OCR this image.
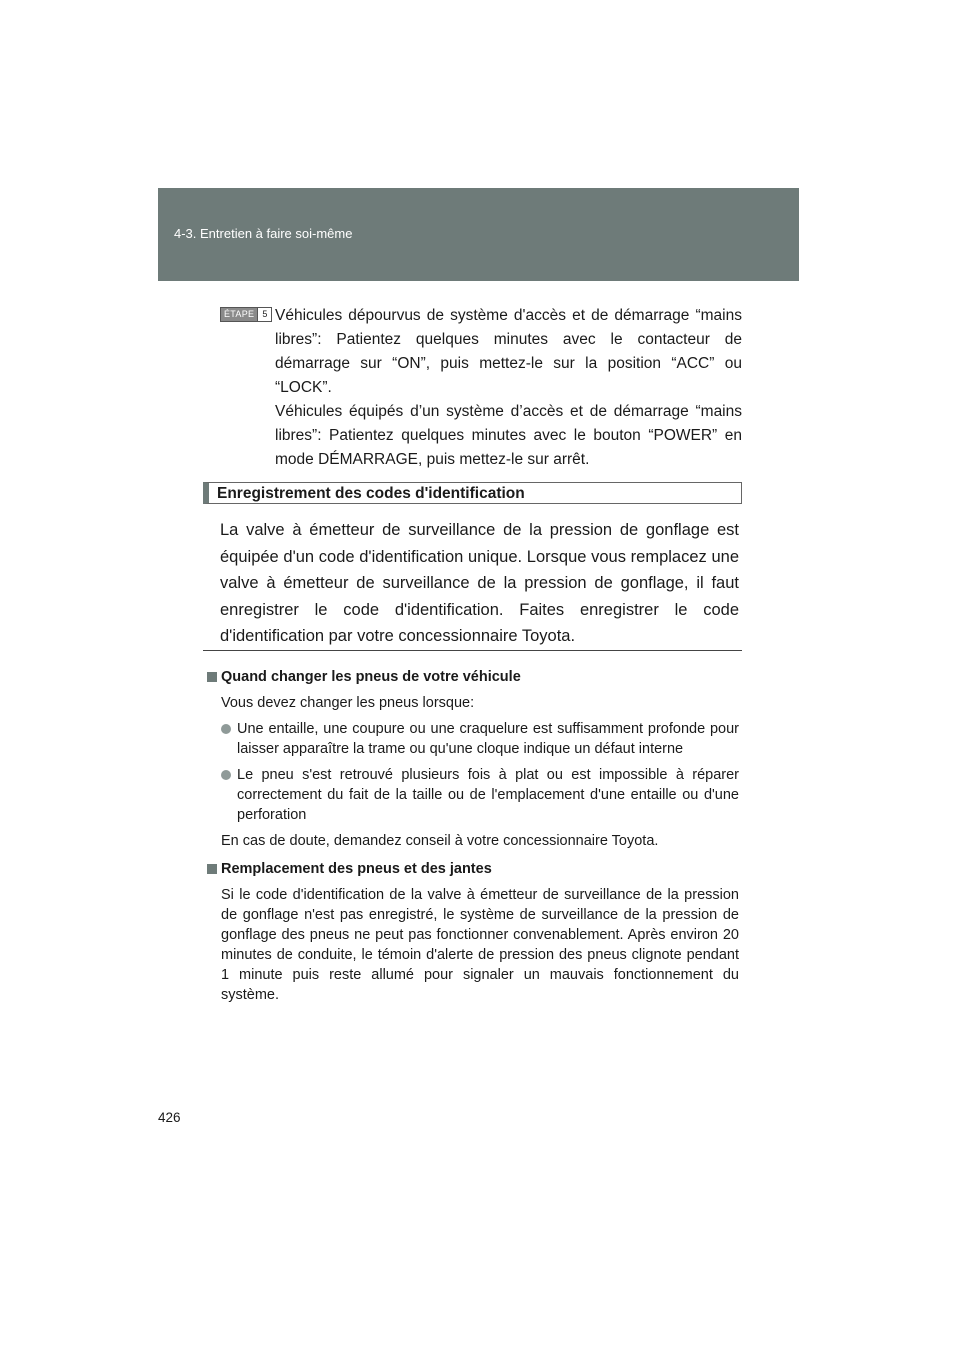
4-3. Entretien à faire soi-même
ÉTAPE 5 Véhicules dépourvus de système d'accès et de démarrage “mains libres”: Patientez quelques minutes avec le contacteur de démarrage sur “ON”, puis mettez-le sur la position “ACC” ou “LOCK”.

Véhicules équipés d’un système d’accès et de démarrage “mains libres”: Patientez quelques minutes avec le bouton “POWER” en mode DÉMARRAGE, puis mettez-le sur arrêt.

Enregistrement des codes d'identification

La valve à émetteur de surveillance de la pression de gonflage est équipée d'un code d'identification unique. Lorsque vous remplacez une valve à émetteur de surveillance de la pression de gonflage, il faut enregistrer le code d'identification. Faites enregistrer le code d'identification par votre concessionnaire Toyota.

Quand changer les pneus de votre véhicule
Vous devez changer les pneus lorsque:
Une entaille, une coupure ou une craquelure est suffisamment profonde pour laisser apparaître la trame ou qu'une cloque indique un défaut interne
Le pneu s'est retrouvé plusieurs fois à plat ou est impossible à réparer correctement du fait de la taille ou de l'emplacement d'une entaille ou d'une perforation
En cas de doute, demandez conseil à votre concessionnaire Toyota.
Remplacement des pneus et des jantes
Si le code d'identification de la valve à émetteur de surveillance de la pression de gonflage n'est pas enregistré, le système de surveillance de la pression de gonflage des pneus ne peut pas fonctionner convenablement. Après environ 20 minutes de conduite, le témoin d'alerte de pression des pneus clignote pendant 1 minute puis reste allumé pour signaler un mauvais fonctionnement du système.
426
